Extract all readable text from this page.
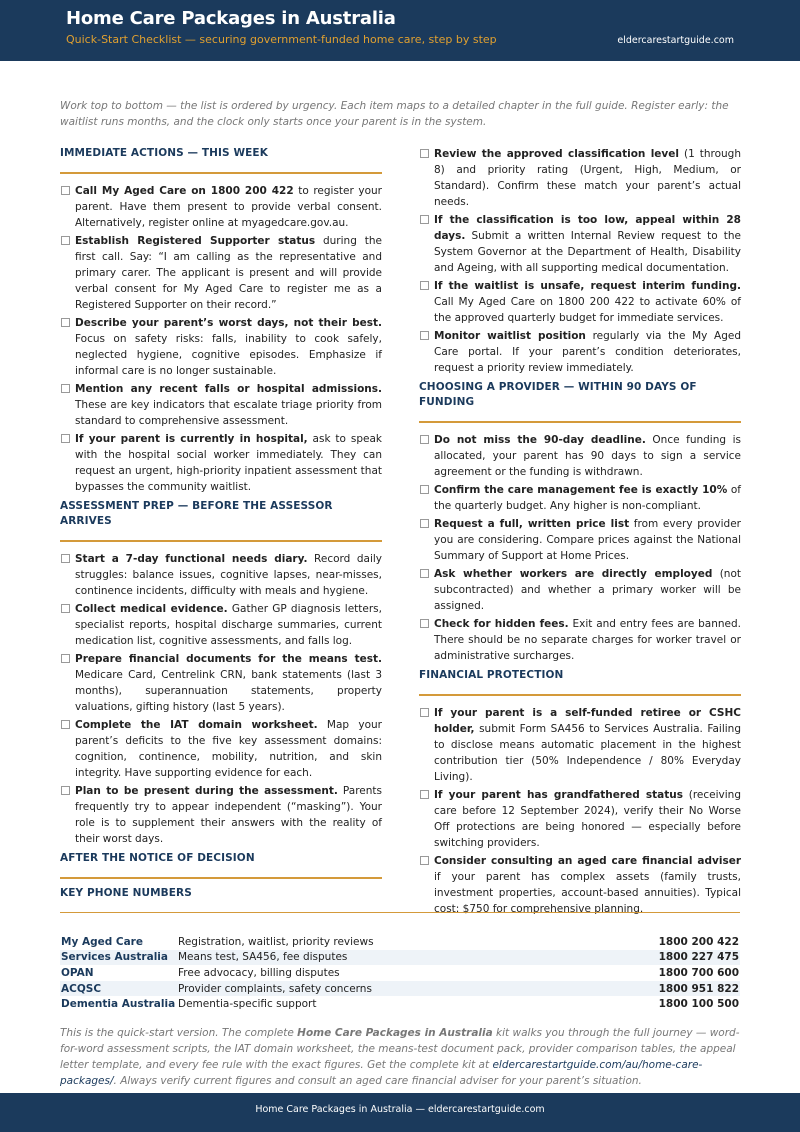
Home Care Packages in Australia
Quick-Start Checklist — securing government-funded home care, step by step	eldercarestartguide.com
Work top to bottom — the list is ordered by urgency. Each item maps to a detailed chapter in the full guide. Register early: the waitlist runs months, and the clock only starts once your parent is in the system.
IMMEDIATE ACTIONS — THIS WEEK
Call My Aged Care on 1800 200 422 to register your parent. Have them present to provide verbal consent. Alternatively, register online at myagedcare.gov.au.
Establish Registered Supporter status during the first call. Say: “I am calling as the representative and primary carer. The applicant is present and will provide verbal consent for My Aged Care to register me as a Registered Supporter on their record.”
Describe your parent’s worst days, not their best. Focus on safety risks: falls, inability to cook safely, neglected hygiene, cognitive episodes. Emphasize if informal care is no longer sustainable.
Mention any recent falls or hospital admissions. These are key indicators that escalate triage priority from standard to comprehensive assessment.
If your parent is currently in hospital, ask to speak with the hospital social worker immediately. They can request an urgent, high-priority inpatient assessment that bypasses the community waitlist.
ASSESSMENT PREP — BEFORE THE ASSESSOR ARRIVES
Start a 7-day functional needs diary. Record daily struggles: balance issues, cognitive lapses, near-misses, continence incidents, difficulty with meals and hygiene.
Collect medical evidence. Gather GP diagnosis letters, specialist reports, hospital discharge summaries, current medication list, cognitive assessments, and falls log.
Prepare financial documents for the means test. Medicare Card, Centrelink CRN, bank statements (last 3 months), superannuation statements, property valuations, gifting history (last 5 years).
Complete the IAT domain worksheet. Map your parent’s deficits to the five key assessment domains: cognition, continence, mobility, nutrition, and skin integrity. Have supporting evidence for each.
Plan to be present during the assessment. Parents frequently try to appear independent (“masking”). Your role is to supplement their answers with the reality of their worst days.
AFTER THE NOTICE OF DECISION
Review the approved classification level (1 through 8) and priority rating (Urgent, High, Medium, or Standard). Confirm these match your parent’s actual needs.
If the classification is too low, appeal within 28 days. Submit a written Internal Review request to the System Governor at the Department of Health, Disability and Ageing, with all supporting medical documentation.
If the waitlist is unsafe, request interim funding. Call My Aged Care on 1800 200 422 to activate 60% of the approved quarterly budget for immediate services.
Monitor waitlist position regularly via the My Aged Care portal. If your parent’s condition deteriorates, request a priority review immediately.
CHOOSING A PROVIDER — WITHIN 90 DAYS OF FUNDING
Do not miss the 90-day deadline. Once funding is allocated, your parent has 90 days to sign a service agreement or the funding is withdrawn.
Confirm the care management fee is exactly 10% of the quarterly budget. Any higher is non-compliant.
Request a full, written price list from every provider you are considering. Compare prices against the National Summary of Support at Home Prices.
Ask whether workers are directly employed (not subcontracted) and whether a primary worker will be assigned.
Check for hidden fees. Exit and entry fees are banned. There should be no separate charges for worker travel or administrative surcharges.
FINANCIAL PROTECTION
If your parent is a self-funded retiree or CSHC holder, submit Form SA456 to Services Australia. Failing to disclose means automatic placement in the highest contribution tier (50% Independence / 80% Everyday Living).
If your parent has grandfathered status (receiving care before 12 September 2024), verify their No Worse Off protections are being honored — especially before switching providers.
Consider consulting an aged care financial adviser if your parent has complex assets (family trusts, investment properties, account-based annuities). Typical cost: $750 for comprehensive planning.
KEY PHONE NUMBERS
My Aged Care	Registration, waitlist, priority reviews	1800 200 422
Services Australia	Means test, SA456, fee disputes	1800 227 475
OPAN	Free advocacy, billing disputes	1800 700 600
ACQSC	Provider complaints, safety concerns	1800 951 822
Dementia Australia	Dementia-specific support	1800 100 500
This is the quick-start version. The complete Home Care Packages in Australia kit walks you through the full journey — word-for-word assessment scripts, the IAT domain worksheet, the means-test document pack, provider comparison tables, the appeal letter template, and every fee rule with the exact figures. Get the complete kit at eldercarestartguide.com/au/home-care-packages/. Always verify current figures and consult an aged care financial adviser for your parent’s situation.
Home Care Packages in Australia — eldercarestartguide.com
